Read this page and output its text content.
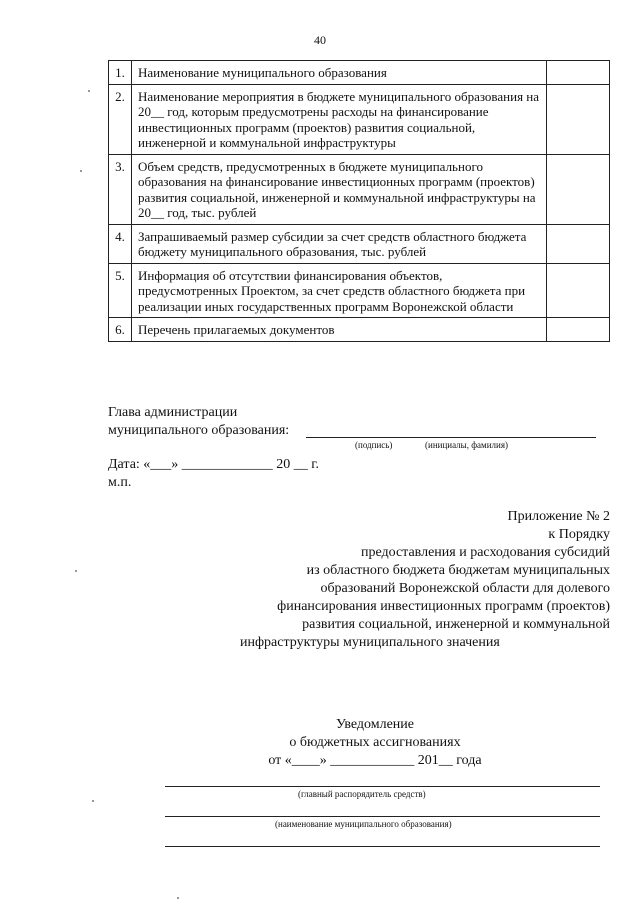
40
1.	Наименование муниципального образования	
2.	Наименование мероприятия в бюджете муниципального образования на 20__ год, которым предусмотрены расходы на финансирование инвестиционных программ (проектов) развития социальной, инженерной и коммунальной инфраструктуры	
3.	Объем средств, предусмотренных в бюджете муниципального образования на финансирование инвестиционных программ (проектов) развития социальной, инженерной и коммунальной инфраструктуры на 20__ год, тыс. рублей	
4.	Запрашиваемый размер субсидии за счет средств областного бюджета бюджету муниципального образования, тыс. рублей	
5.	Информация об отсутствии финансирования объектов, предусмотренных Проектом, за счет средств областного бюджета при реализации иных государственных программ Воронежской области	
6.	Перечень прилагаемых документов	
Глава администрации
муниципального образования:
(подпись)	(инициалы, фамилия)
Дата: «___» _____________ 20 __ г.
м.п.
Приложение № 2
к Порядку
предоставления и расходования субсидий
из областного бюджета бюджетам муниципальных
образований Воронежской области для долевого
финансирования инвестиционных программ (проектов)
развития социальной, инженерной и коммунальной
инфраструктуры муниципального значения
Уведомление
о бюджетных ассигнованиях
от «____» ____________ 201__ года
(главный распорядитель средств)
(наименование муниципального образования)
